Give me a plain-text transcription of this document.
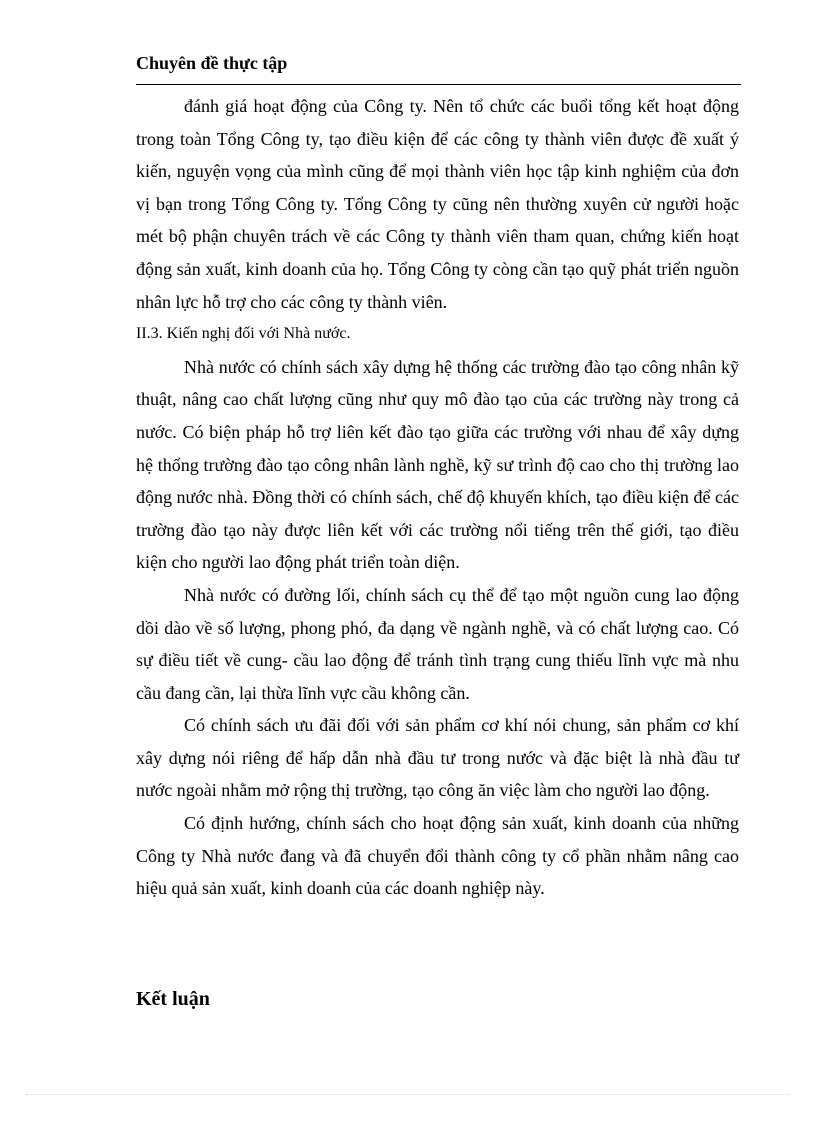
Chuyên đề thực tập

đánh giá hoạt động của Công ty. Nên tổ chức các buổi tổng kết hoạt động trong toàn Tổng Công ty, tạo điều kiện để các công ty thành viên được đề xuất ý kiến, nguyện vọng của mình cũng để mọi thành viên học tập kinh nghiệm của đơn vị bạn trong Tổng Công ty. Tổng Công ty cũng nên thường xuyên cử người hoặc mét bộ phận chuyên trách về các Công ty thành viên tham quan, chứng kiến hoạt động sản xuất, kinh doanh của họ. Tổng Công ty còng cần tạo quỹ phát triển nguồn nhân lực hỗ trợ cho các công ty thành viên.

II.3. Kiến nghị đối với Nhà nước.

Nhà nước có chính sách xây dựng hệ thống các trường đào tạo công nhân kỹ thuật, nâng cao chất lượng cũng như quy mô đào tạo của các trường này trong cả nước. Có biện pháp hỗ trợ liên kết đào tạo giữa các trường với nhau để xây dựng hệ thống trường đào tạo công nhân lành nghề, kỹ sư trình độ cao cho thị trường lao động nước nhà. Đồng thời có chính sách, chế độ khuyến khích, tạo điều kiện để các trường đào tạo này được liên kết với các trường nổi tiếng trên thế giới, tạo điều kiện cho người lao động phát triển toàn diện.

Nhà nước có đường lối, chính sách cụ thể để tạo một nguồn cung lao động dồi dào về số lượng, phong phó, đa dạng về ngành nghề, và có chất lượng cao. Có sự điều tiết về cung- cầu lao động để tránh tình trạng cung thiếu lĩnh vực mà nhu cầu đang cần, lại thừa lĩnh vực cầu không cần.

Có chính sách ưu đãi đối với sản phẩm cơ khí nói chung, sản phẩm cơ khí xây dựng nói riêng để hấp dẫn nhà đầu tư trong nước và đặc biệt là nhà đầu tư nước ngoài nhằm mở rộng thị trường, tạo công ăn việc làm cho người lao động.

Có định hướng, chính sách cho hoạt động sản xuất, kinh doanh của những Công ty Nhà nước đang và đã chuyển đổi thành công ty cổ phần nhằm nâng cao hiệu quả sản xuất, kinh doanh của các doanh nghiệp này.

Kết luận
